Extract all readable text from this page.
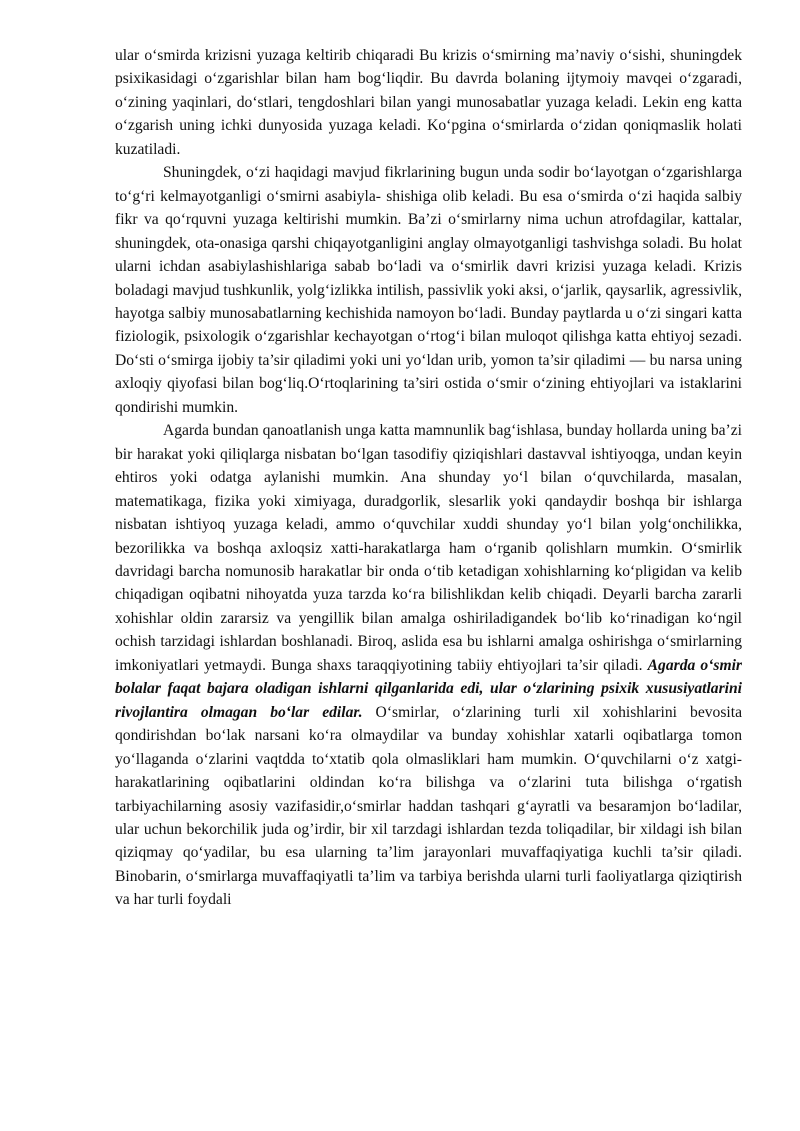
ular o‘smirda krizisni yuzaga keltirib chiqaradi Bu krizis o‘smirning ma’naviy o‘sishi, shuningdek psixikasidagi o‘zgarishlar bilan ham bog‘liqdir. Bu davrda bolaning ijtymoiy mavqei o‘zgaradi, o‘zining yaqinlari, do‘stlari, tengdoshlari bilan yangi munosabatlar yuzaga keladi. Lekin eng katta o‘zgarish uning ichki dunyosida yuzaga keladi. Ko‘pgina o‘smirlarda o‘zidan qoniqmaslik holati kuzatiladi.

Shuningdek, o‘zi haqidagi mavjud fikrlarining bugun unda sodir bo‘layotgan o‘zgarishlarga to‘g‘ri kelmayotganligi o‘smirni asabiyla- shishiga olib keladi. Bu esa o‘smirda o‘zi haqida salbiy fikr va qo‘rquvni yuzaga keltirishi mumkin. Ba’zi o‘smirlarny nima uchun atrofdagilar, kattalar, shuningdek, ota-onasiga qarshi chiqayotganligini anglay olmayotganligi tashvishga soladi. Bu holat ularni ichdan asabiylashishlariga sabab bo‘ladi va o‘smirlik davri krizisi yuzaga keladi. Krizis boladagi mavjud tushkunlik, yolg‘izlikka intilish, passivlik yoki aksi, o‘jarlik, qaysarlik, agressivlik, hayotga salbiy munosabatlarning kechishida namoyon bo‘ladi. Bunday paytlarda u o‘zi singari katta fiziologik, psixologik o‘zgarishlar kechayotgan o‘rtog‘i bilan muloqot qilishga katta ehtiyoj sezadi. Do‘sti o‘smirga ijobiy ta’sir qiladimi yoki uni yo‘ldan urib, yomon ta’sir qiladimi — bu narsa uning axloqiy qiyofasi bilan bog‘liq.O‘rtoqlarining ta’siri ostida o‘smir o‘zining ehtiyojlari va istaklarini qondirishi mumkin.

Agarda bundan qanoatlanish unga katta mamnunlik bag‘ishlasa, bunday hollarda uning ba’zi bir harakat yoki qiliqlarga nisbatan bo‘lgan tasodifiy qiziqishlari dastavval ishtiyoqga, undan keyin ehtiros yoki odatga aylanishi mumkin. Ana shunday yo‘l bilan o‘quvchilarda, masalan, matematikaga, fizika yoki ximiyaga, duradgorlik, slesarlik yoki qandaydir boshqa bir ishlarga nisbatan ishtiyoq yuzaga keladi, ammo o‘quvchilar xuddi shunday yo‘l bilan yolg‘onchilikka, bezorilikka va boshqa axloqsiz xatti-harakatlarga ham o‘rganib qolishlarn mumkin. O‘smirlik davridagi barcha nomunosib harakatlar bir onda o‘tib ketadigan xohishlarning ko‘pligidan va kelib chiqadigan oqibatni nihoyatda yuza tarzda ko‘ra bilishlikdan kelib chiqadi. Deyarli barcha zararli xohishlar oldin zararsiz va yengillik bilan amalga oshiriladigandek bo‘lib ko‘rinadigan ko‘ngil ochish tarzidagi ishlardan boshlanadi. Biroq, aslida esa bu ishlarni amalga oshirishga o‘smirlarning imkoniyatlari yetmaydi. Bunga shaxs taraqqiyotining tabiiy ehtiyojlari ta’sir qiladi. Agarda o‘smir bolalar faqat bajara oladigan ishlarni qilganlarida edi, ular o‘zlarining psixik xususiyatlarini rivojlantira olmagan bo‘lar edilar. O‘smirlar, o‘zlarining turli xil xohishlarini bevosita qondirishdan bo‘lak narsani ko‘ra olmaydilar va bunday xohishlar xatarli oqibatlarga tomon yo‘llaganda o‘zlarini vaqtdda to‘xtatib qola olmasliklari ham mumkin. O‘quvchilarni o‘z xatgi-harakatlarining oqibatlarini oldindan ko‘ra bilishga va o‘zlarini tuta bilishga o‘rgatish tarbiyachilarning asosiy vazifasidir,o‘smirlar haddan tashqari g‘ayratli va besaramjon bo‘ladilar, ular uchun bekorchilik juda og’irdir, bir xil tarzdagi ishlardan tezda toliqadilar, bir xildagi ish bilan qiziqmay qo‘yadilar, bu esa ularning ta’lim jarayonlari muvaffaqiyatiga kuchli ta’sir qiladi. Binobarin, o‘smirlarga muvaffaqiyatli ta’lim va tarbiya berishda ularni turli faoliyatlarga qiziqtirish va har turli foydali
